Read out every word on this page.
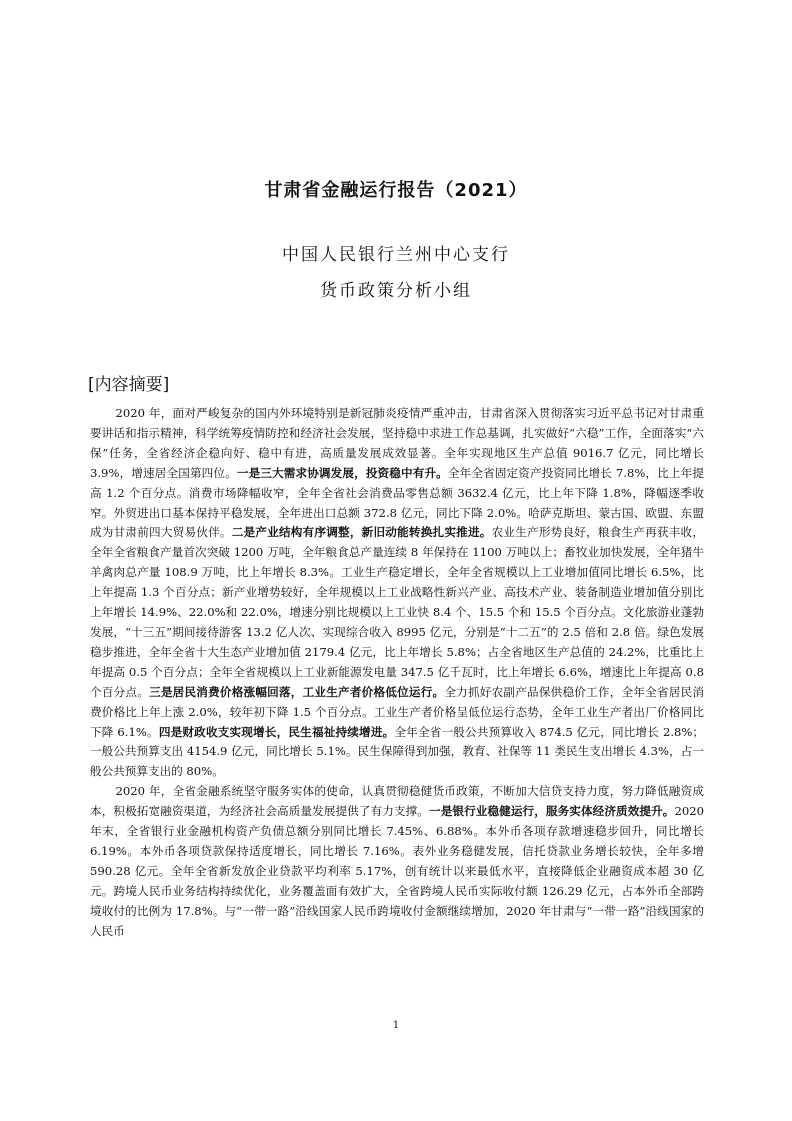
甘肃省金融运行报告（2021）
中国人民银行兰州中心支行
货币政策分析小组
[内容摘要]

2020 年，面对严峻复杂的国内外环境特别是新冠肺炎疫情严重冲击，甘肃省深入贯彻落实习近平总书记对甘肃重要讲话和指示精神，科学统筹疫情防控和经济社会发展，坚持稳中求进工作总基调，扎实做好“六稳”工作，全面落实“六保”任务，全省经济企稳向好、稳中有进，高质量发展成效显著。全年实现地区生产总值 9016.7 亿元，同比增长 3.9%，增速居全国第四位。一是三大需求协调发展，投资稳中有升。全年全省固定资产投资同比增长 7.8%，比上年提高 1.2 个百分点。消费市场降幅收窄，全年全省社会消费品零售总额 3632.4 亿元，比上年下降 1.8%，降幅逐季收窄。外贸进出口基本保持平稳发展，全年进出口总额 372.8 亿元，同比下降 2.0%。哈萨克斯坦、蒙古国、欧盟、东盟成为甘肃前四大贸易伙伴。二是产业结构有序调整，新旧动能转换扎实推进。农业生产形势良好，粮食生产再获丰收，全年全省粮食产量首次突破 1200 万吨，全年粮食总产量连续 8 年保持在 1100 万吨以上；畜牧业加快发展，全年猪牛羊禽肉总产量 108.9 万吨，比上年增长 8.3%。工业生产稳定增长，全年全省规模以上工业增加值同比增长 6.5%，比上年提高 1.3 个百分点；新产业增势较好，全年规模以上工业战略性新兴产业、高技术产业、装备制造业增加值分别比上年增长 14.9%、22.0%和 22.0%，增速分别比规模以上工业快 8.4 个、15.5 个和 15.5 个百分点。文化旅游业蓬勃发展，“十三五”期间接待游客 13.2 亿人次、实现综合收入 8995 亿元，分别是“十二五”的 2.5 倍和 2.8 倍。绿色发展稳步推进，全年全省十大生态产业增加值 2179.4 亿元，比上年增长 5.8%；占全省地区生产总值的 24.2%，比重比上年提高 0.5 个百分点；全年全省规模以上工业新能源发电量 347.5 亿千瓦时，比上年增长 6.6%，增速比上年提高 0.8 个百分点。三是居民消费价格涨幅回落，工业生产者价格低位运行。全力抓好农副产品保供稳价工作，全年全省居民消费价格比上年上涨 2.0%，较年初下降 1.5 个百分点。工业生产者价格呈低位运行态势，全年工业生产者出厂价格同比下降 6.1%。四是财政收支实现增长，民生福祉持续增进。全年全省一般公共预算收入 874.5 亿元，同比增长 2.8%；一般公共预算支出 4154.9 亿元，同比增长 5.1%。民生保障得到加强，教育、社保等 11 类民生支出增长 4.3%，占一般公共预算支出的 80%。

2020 年，全省金融系统坚守服务实体的使命，认真贯彻稳健货币政策，不断加大信贷支持力度，努力降低融资成本，积极拓宽融资渠道，为经济社会高质量发展提供了有力支撑。一是银行业稳健运行，服务实体经济质效提升。2020 年末，全省银行业金融机构资产负债总额分别同比增长 7.45%、6.88%。本外币各项存款增速稳步回升，同比增长 6.19%。本外币各项贷款保持适度增长，同比增长 7.16%。表外业务稳健发展，信托贷款业务增长较快，全年多增 590.28 亿元。全年全省新发放企业贷款平均利率 5.17%，创有统计以来最低水平，直接降低企业融资成本超 30 亿元。跨境人民币业务结构持续优化，业务覆盖面有效扩大，全省跨境人民币实际收付额 126.29 亿元，占本外币全部跨境收付的比例为 17.8%。与“一带一路”沿线国家人民币跨境收付金额继续增加，2020 年甘肃与“一带一路”沿线国家的人民币

1
